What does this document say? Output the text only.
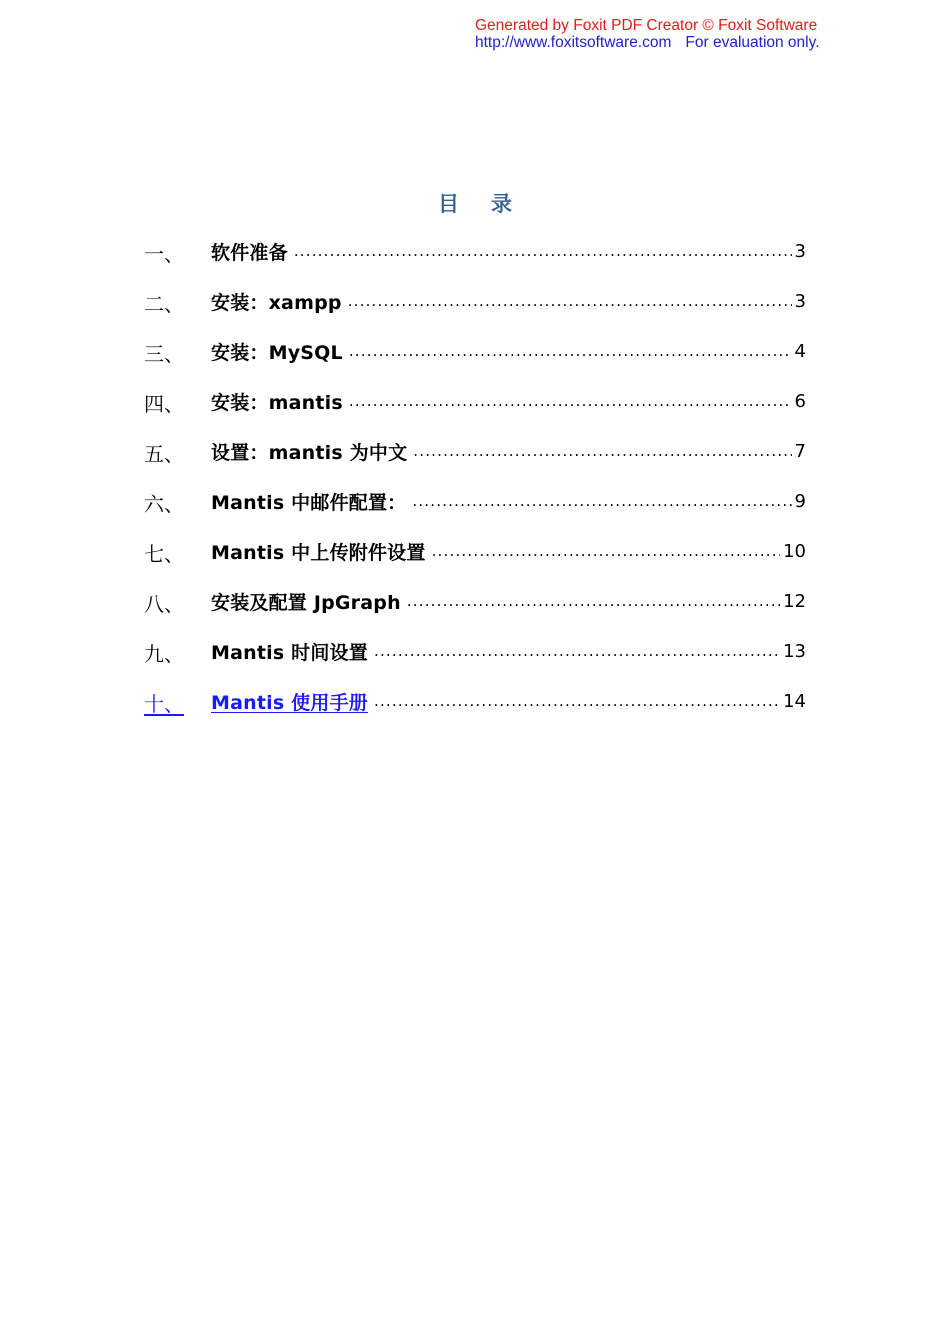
Generated by Foxit PDF Creator © Foxit Software
http://www.foxitsoftware.com For evaluation only.
目录
一、	软件准备 .....	3
二、	安装：xampp .....	3
三、	安装：MySQL .....	4
四、	安装：mantis .....	6
五、	设置：mantis 为中文 .....	7
六、	Mantis 中邮件配置： .....	9
七、	Mantis 中上传附件设置 .....	10
八、	安装及配置 JpGraph .....	12
九、	Mantis 时间设置 .....	13
十、	Mantis 使用手册 .....	14
